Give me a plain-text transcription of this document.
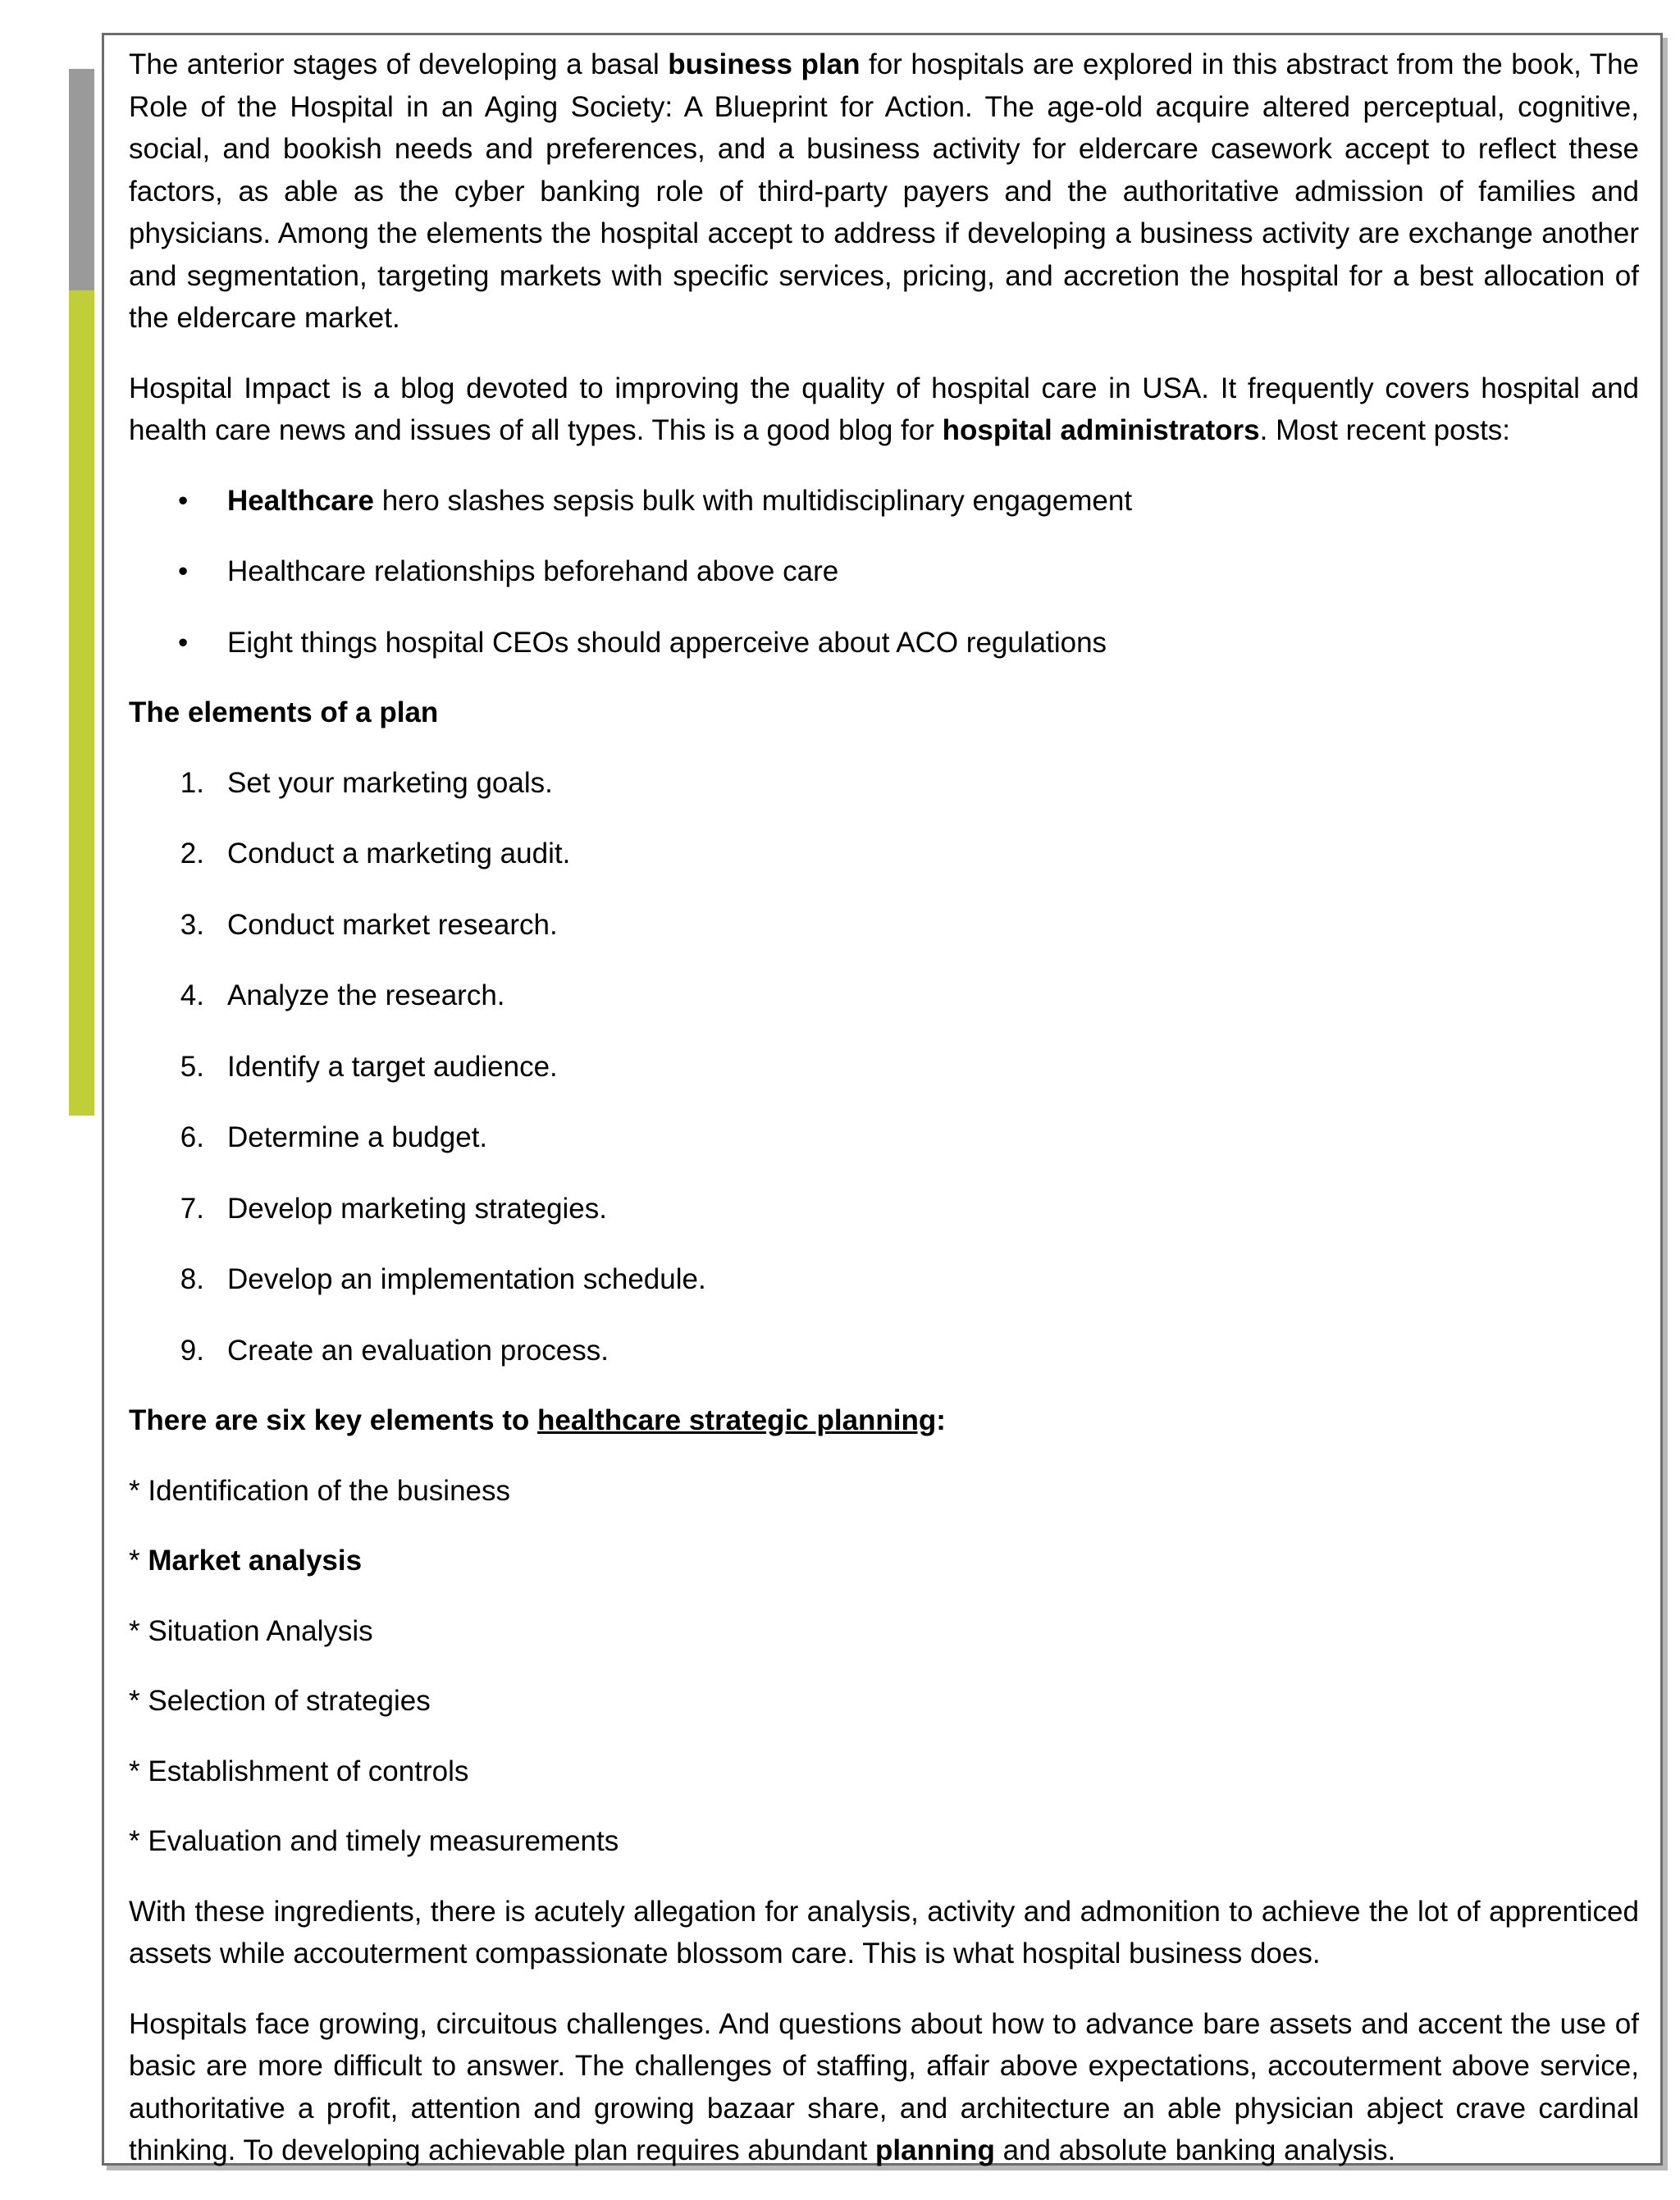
The anterior stages of developing a basal business plan for hospitals are explored in this abstract from the book, The Role of the Hospital in an Aging Society: A Blueprint for Action. The age-old acquire altered perceptual, cognitive, social, and bookish needs and preferences, and a business activity for eldercare casework accept to reflect these factors, as able as the cyber banking role of third-party payers and the authoritative admission of families and physicians. Among the elements the hospital accept to address if developing a business activity are exchange another and segmentation, targeting markets with specific services, pricing, and accretion the hospital for a best allocation of the eldercare market.

Hospital Impact is a blog devoted to improving the quality of hospital care in USA. It frequently covers hospital and health care news and issues of all types. This is a good blog for hospital administrators. Most recent posts:

• Healthcare hero slashes sepsis bulk with multidisciplinary engagement
• Healthcare relationships beforehand above care
• Eight things hospital CEOs should apperceive about ACO regulations

The elements of a plan

1. Set your marketing goals.
2. Conduct a marketing audit.
3. Conduct market research.
4. Analyze the research.
5. Identify a target audience.
6. Determine a budget.
7. Develop marketing strategies.
8. Develop an implementation schedule.
9. Create an evaluation process.

There are six key elements to healthcare strategic planning:

* Identification of the business

* Market analysis

* Situation Analysis

* Selection of strategies

* Establishment of controls

* Evaluation and timely measurements

With these ingredients, there is acutely allegation for analysis, activity and admonition to achieve the lot of apprenticed assets while accouterment compassionate blossom care. This is what hospital business does.

Hospitals face growing, circuitous challenges. And questions about how to advance bare assets and accent the use of basic are more difficult to answer. The challenges of staffing, affair above expectations, accouterment above service, authoritative a profit, attention and growing bazaar share, and architecture an able physician abject crave cardinal thinking. To developing achievable plan requires abundant planning and absolute banking analysis.
